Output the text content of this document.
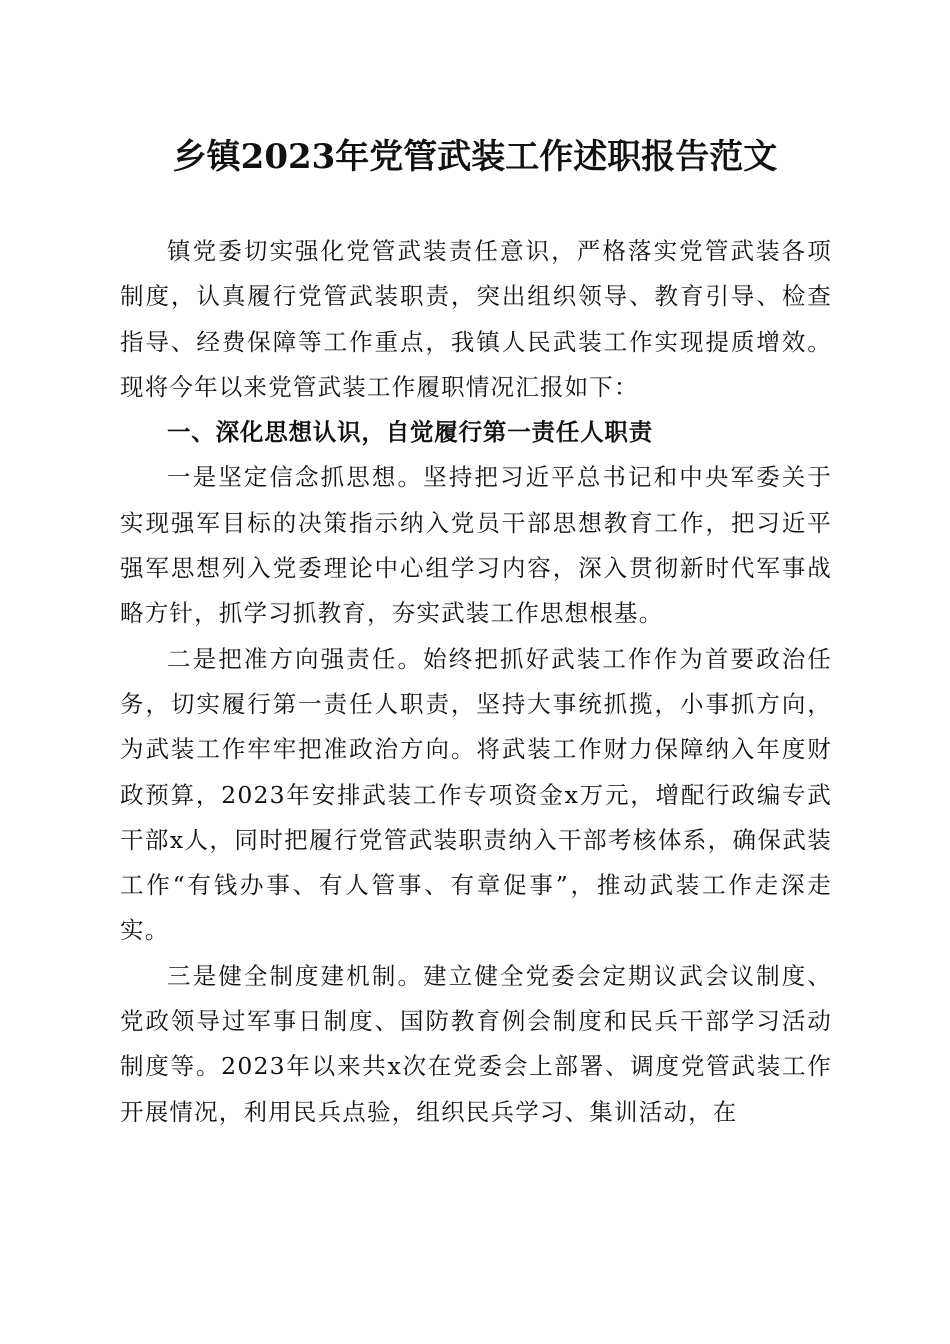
乡镇2023年党管武装工作述职报告范文

镇党委切实强化党管武装责任意识，严格落实党管武装各项制度，认真履行党管武装职责，突出组织领导、教育引导、检查指导、经费保障等工作重点，我镇人民武装工作实现提质增效。现将今年以来党管武装工作履职情况汇报如下：

一、深化思想认识，自觉履行第一责任人职责

一是坚定信念抓思想。坚持把习近平总书记和中央军委关于实现强军目标的决策指示纳入党员干部思想教育工作，把习近平强军思想列入党委理论中心组学习内容，深入贯彻新时代军事战略方针，抓学习抓教育，夯实武装工作思想根基。

二是把准方向强责任。始终把抓好武装工作作为首要政治任务，切实履行第一责任人职责，坚持大事统抓揽，小事抓方向，为武装工作牢牢把准政治方向。将武装工作财力保障纳入年度财政预算，2023年安排武装工作专项资金x万元，增配行政编专武干部x人，同时把履行党管武装职责纳入干部考核体系，确保武装工作“有钱办事、有人管事、有章促事”，推动武装工作走深走实。

三是健全制度建机制。建立健全党委会定期议武会议制度、党政领导过军事日制度、国防教育例会制度和民兵干部学习活动制度等。2023年以来共x次在党委会上部署、调度党管武装工作开展情况，利用民兵点验，组织民兵学习、集训活动，在
